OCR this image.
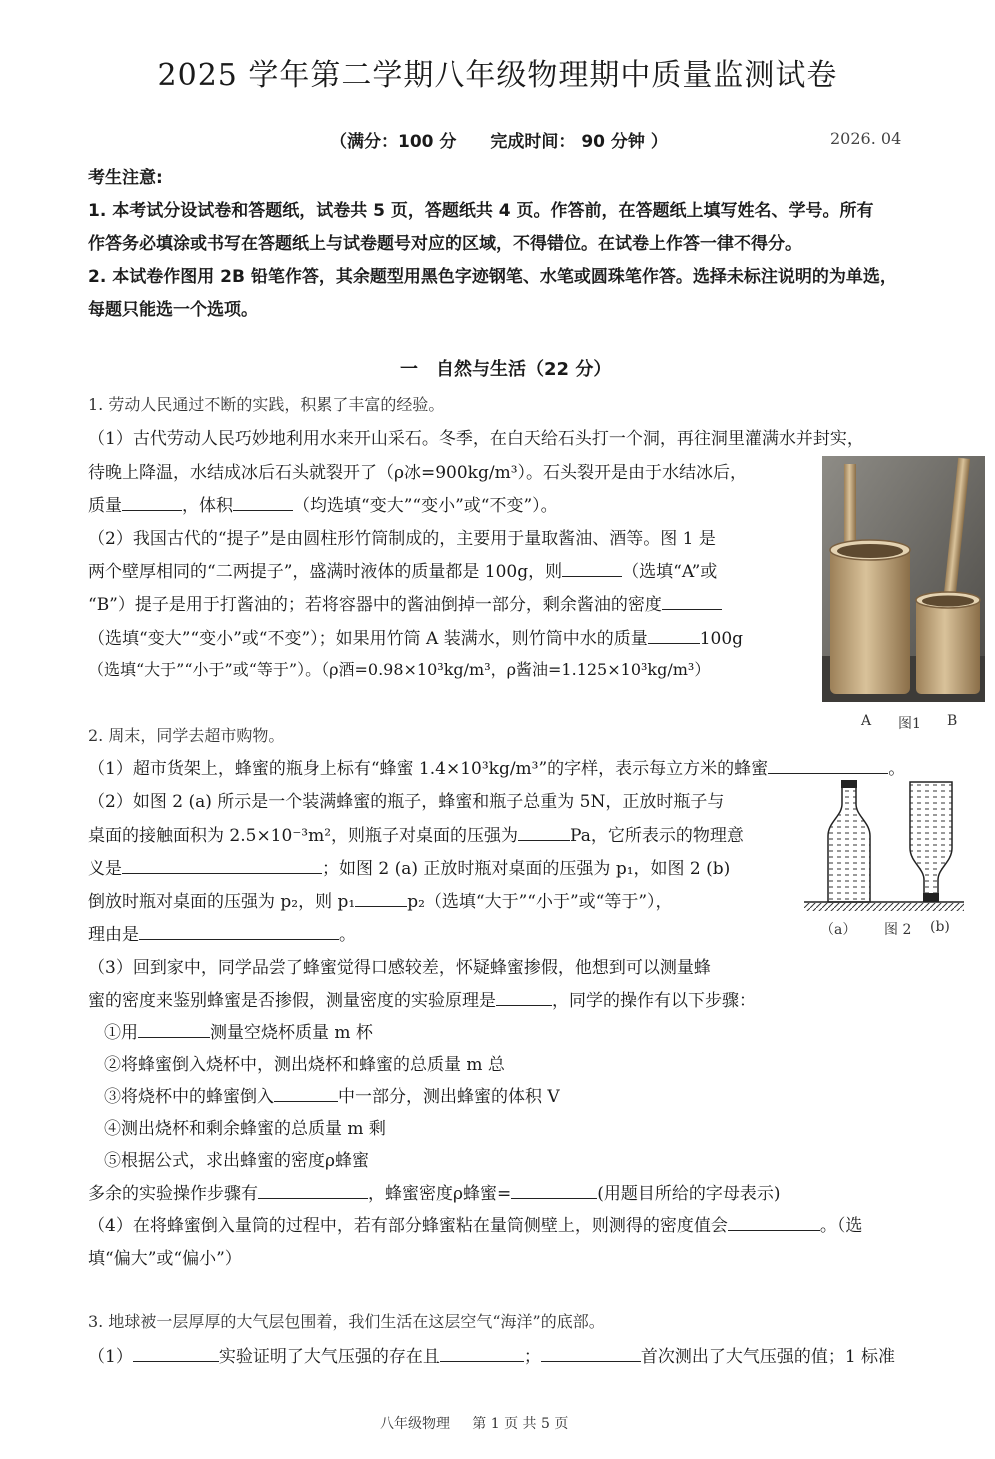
2025 学年第二学期八年级物理期中质量监测试卷
（满分：100 分　　完成时间： 90 分钟 ）	2026. 04
考生注意:
1. 本考试分设试卷和答题纸，试卷共 5 页，答题纸共 4 页。作答前，在答题纸上填写姓名、学号。所有
作答务必填涂或书写在答题纸上与试卷题号对应的区域，不得错位。在试卷上作答一律不得分。
2. 本试卷作图用 2B 铅笔作答，其余题型用黑色字迹钢笔、水笔或圆珠笔作答。选择未标注说明的为单选，
每题只能选一个选项。
一　自然与生活（22 分）
1. 劳动人民通过不断的实践，积累了丰富的经验。
（1）古代劳动人民巧妙地利用水来开山采石。冬季，在白天给石头打一个洞，再往洞里灌满水并封实，
待晚上降温，水结成冰后石头就裂开了（ρ冰=900kg/m³）。石头裂开是由于水结冰后，
质量	，体积	（均选填“变大”“变小”或“不变”）。
（2）我国古代的“提子”是由圆柱形竹筒制成的，主要用于量取酱油、酒等。图 1 是
两个壁厚相同的“二两提子”，盛满时液体的质量都是 100g，则	（选填“A”或
“B”）提子是用于打酱油的；若将容器中的酱油倒掉一部分，剩余酱油的密度
（选填“变大”“变小”或“不变”）；如果用竹筒 A 装满水，则竹筒中水的质量	100g
（选填“大于”“小于”或“等于”）。（ρ酒=0.98×10³kg/m³，ρ酱油=1.125×10³kg/m³）
A 图1 B
2. 周末，同学去超市购物。
（1）超市货架上，蜂蜜的瓶身上标有“蜂蜜 1.4×10³kg/m³”的字样，表示每立方米的蜂蜜	。
（2）如图 2 (a) 所示是一个装满蜂蜜的瓶子，蜂蜜和瓶子总重为 5N，正放时瓶子与
桌面的接触面积为 2.5×10⁻³m²，则瓶子对桌面的压强为	Pa，它所表示的物理意
义是	；如图 2 (a) 正放时瓶对桌面的压强为 p₁，如图 2 (b)
倒放时瓶对桌面的压强为 p₂，则 p₁	p₂（选填“大于”“小于”或“等于”），
理由是	。	（a） 图 2 (b)
（3）回到家中，同学品尝了蜂蜜觉得口感较差，怀疑蜂蜜掺假，他想到可以测量蜂
蜜的密度来鉴别蜂蜜是否掺假，测量密度的实验原理是	，同学的操作有以下步骤：
①用	测量空烧杯质量 m 杯
②将蜂蜜倒入烧杯中，测出烧杯和蜂蜜的总质量 m 总
③将烧杯中的蜂蜜倒入	中一部分，测出蜂蜜的体积 V
④测出烧杯和剩余蜂蜜的总质量 m 剩
⑤根据公式，求出蜂蜜的密度ρ蜂蜜
多余的实验操作步骤有	，蜂蜜密度ρ蜂蜜=	(用题目所给的字母表示)
（4）在将蜂蜜倒入量筒的过程中，若有部分蜂蜜粘在量筒侧壁上，则测得的密度值会	。（选
填“偏大”或“偏小”）
3. 地球被一层厚厚的大气层包围着，我们生活在这层空气“海洋”的底部。
（1）	实验证明了大气压强的存在且	；	首次测出了大气压强的值；1 标准
八年级物理 第 1 页 共 5 页
